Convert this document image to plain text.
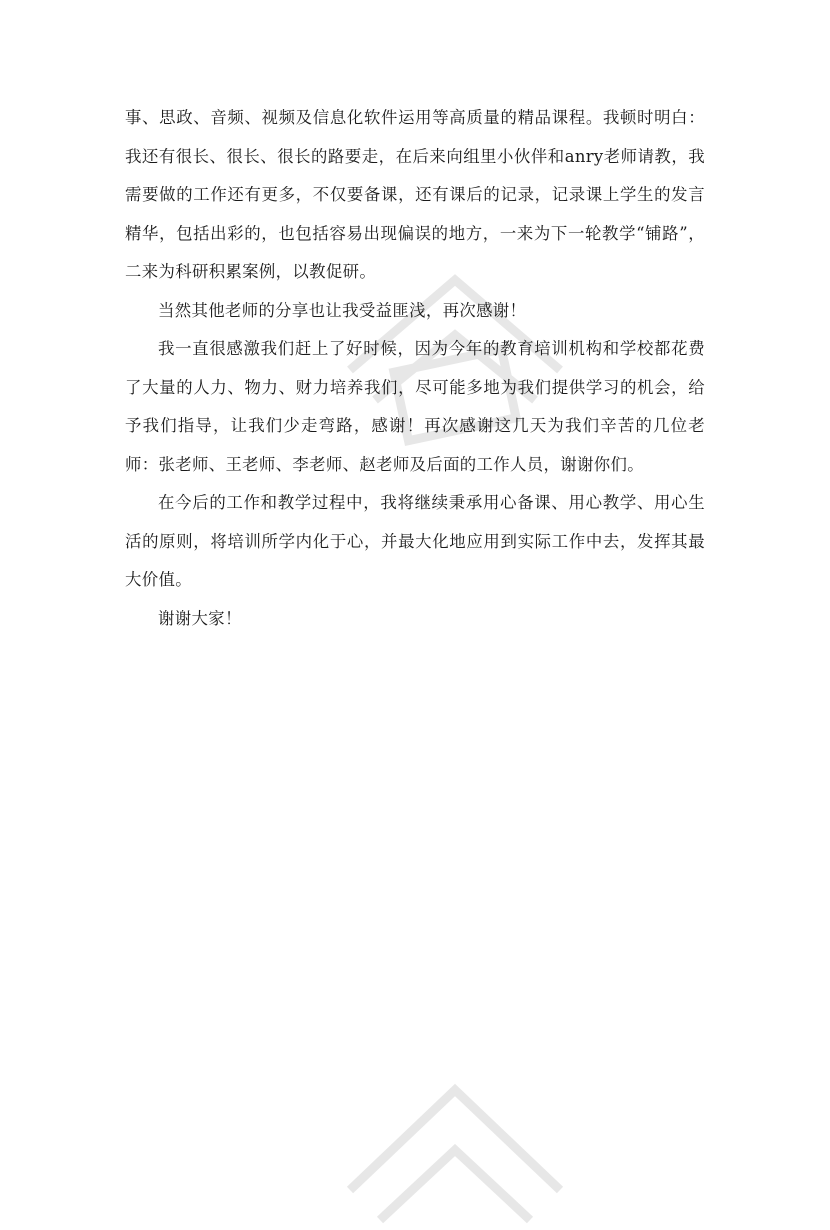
事、思政、音频、视频及信息化软件运用等高质量的精品课程。我顿时明白：我还有很长、很长、很长的路要走，在后来向组里小伙伴和anry老师请教，我需要做的工作还有更多，不仅要备课，还有课后的记录，记录课上学生的发言精华，包括出彩的，也包括容易出现偏误的地方，一来为下一轮教学“铺路”，二来为科研积累案例，以教促研。

当然其他老师的分享也让我受益匪浅，再次感谢！

我一直很感激我们赶上了好时候，因为今年的教育培训机构和学校都花费了大量的人力、物力、财力培养我们，尽可能多地为我们提供学习的机会，给予我们指导，让我们少走弯路，感谢！再次感谢这几天为我们辛苦的几位老师：张老师、王老师、李老师、赵老师及后面的工作人员，谢谢你们。

在今后的工作和教学过程中，我将继续秉承用心备课、用心教学、用心生活的原则，将培训所学内化于心，并最大化地应用到实际工作中去，发挥其最大价值。

谢谢大家！
